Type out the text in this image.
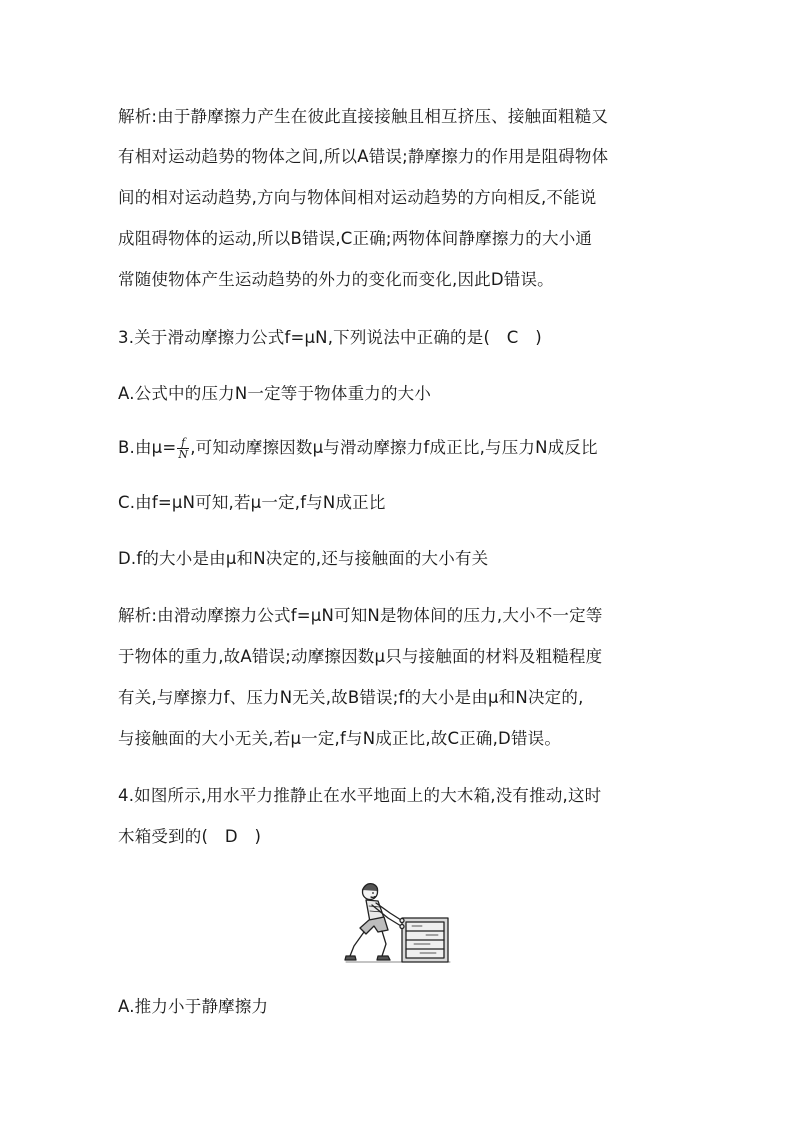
解析:由于静摩擦力产生在彼此直接接触且相互挤压、接触面粗糙又
有相对运动趋势的物体之间,所以A错误;静摩擦力的作用是阻碍物体
间的相对运动趋势,方向与物体间相对运动趋势的方向相反,不能说
成阻碍物体的运动,所以B错误,C正确;两物体间静摩擦力的大小通
常随使物体产生运动趋势的外力的变化而变化,因此D错误。
3.关于滑动摩擦力公式f=μN,下列说法中正确的是(　C　)
A.公式中的压力N一定等于物体重力的大小
B.由$\mu= \frac{f}{N}$ ,可知动摩擦因数μ与滑动摩擦力f成正比,与压力N成反比
C.由f=μN可知,若μ一定,f与N成正比
D.f的大小是由μ和N决定的,还与接触面的大小有关
解析:由滑动摩擦力公式f=μN可知N是物体间的压力,大小不一定等
于物体的重力,故A错误;动摩擦因数μ只与接触面的材料及粗糙程度
有关,与摩擦力f、压力N无关,故B错误;f的大小是由μ和N决定的,
与接触面的大小无关,若μ一定,f与N成正比,故C正确,D错误。
4.如图所示,用水平力推静止在水平地面上的大木箱,没有推动,这时
木箱受到的(　D　)
A.推力小于静摩擦力
